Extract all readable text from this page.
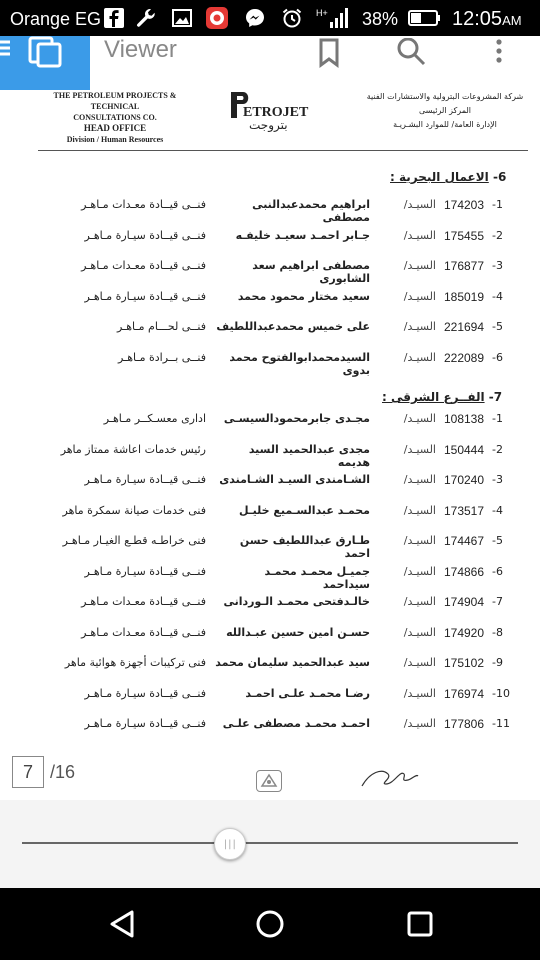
Orange EG	H+ 38%	12:05AM
Viewer
THE PETROLEUM PROJECTS & TECHNICAL
CONSULTATIONS CO.
HEAD OFFICE
Division / Human Resources
ETROJET
بتروجت
شركة المشروعات البترولية والاستشارات الفنية
المركز الرئيسى
الإدارة العامة/ للموارد البشـريـة
6- الاعمال البحرية :
-1
174203
السيـد/
ابراهيم محمدعبدالنبى مصطفى
فنــى قيــادة معـدات مـاهـر
-2
175455
السيـد/
جـابر احمـد سعيـد خليفـه
فنــى قيــادة سيـارة مـاهـر
-3
176877
السيـد/
مصطفى ابراهيم سعد الشابورى
فنــى قيــادة معـدات مـاهـر
-4
185019
السيـد/
سعيد مختار محمود محمد
فنــى قيــادة سيـارة مـاهـر
-5
221694
السيـد/
على خميس محمدعبداللطيف
فنــى لحـــام مـاهـر
-6
222089
السيـد/
السيدمحمدابوالفتوح محمد بدوى
فنــى بــرادة مـاهـر
7- الفــرع الشرقى :
-1
108138
السيـد/
مجـدى جابرمحمودالسيسـى
ادارى معسـكــر مـاهـر
-2
150444
السيـد/
مجدى عبدالحميد السيد هديمه
رئيس خدمات اعاشة ممتاز ماهر
-3
170240
السيـد/
الشـامندى السيـد الشـامندى
فنــى قيــادة سيـارة مـاهـر
-4
173517
السيـد/
محمـد عبدالسـميع خليـل
فنى خدمات صيانة سمكرة ماهر
-5
174467
السيـد/
طـارق عبداللطيف حسن احمد
فنى خراطـه قطـع الغيـار مـاهـر
-6
174866
السيـد/
جميـل محمـد محمـد سيداحمد
فنــى قيــادة سيـارة مـاهـر
-7
174904
السيـد/
خالـدفتحى محمـد الـوردانى
فنــى قيــادة معـدات مـاهـر
-8
174920
السيـد/
حسـن امين حسين عبـدالله
فنــى قيــادة معـدات مـاهـر
-9
175102
السيـد/
سيد عبدالحميد سليمان محمد
فنى تركيبات أجهزة هوائية ماهر
-10
176974
السيـد/
رضـا محمـد علـى احمـد
فنــى قيــادة سيـارة مـاهـر
-11
177806
السيـد/
احمـد محمـد مصطفى علـى
فنــى قيــادة سيـارة مـاهـر
7 /16
|||
